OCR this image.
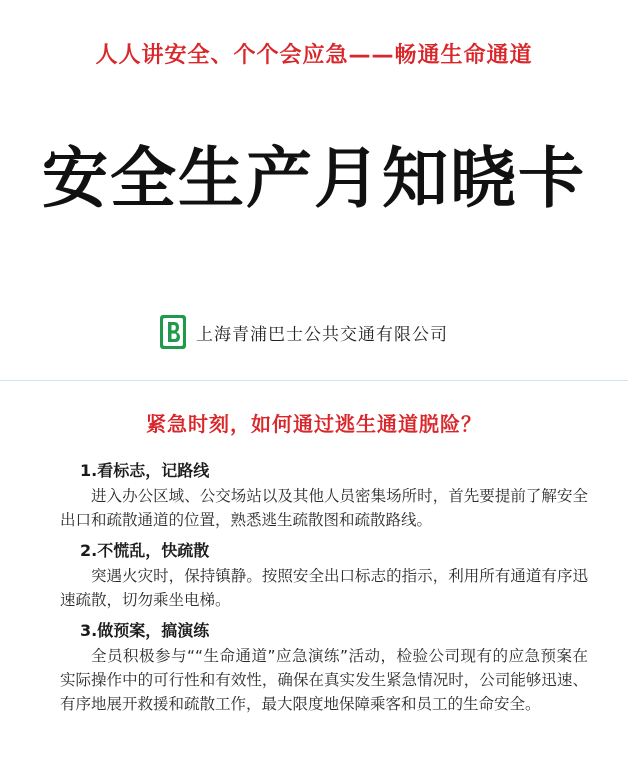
人人讲安全、个个会应急——畅通生命通道
安全生产月知晓卡
上海青浦巴士公共交通有限公司
紧急时刻，如何通过逃生通道脱险？
1.看标志，记路线
进入办公区域、公交场站以及其他人员密集场所时，首先要提前了解安全出口和疏散通道的位置，熟悉逃生疏散图和疏散路线。
2.不慌乱，快疏散
突遇火灾时，保持镇静。按照安全出口标志的指示，利用所有通道有序迅速疏散，切勿乘坐电梯。
3.做预案，搞演练
全员积极参与““生命通道”应急演练”活动，检验公司现有的应急预案在实际操作中的可行性和有效性，确保在真实发生紧急情况时，公司能够迅速、有序地展开救援和疏散工作，最大限度地保障乘客和员工的生命安全。
